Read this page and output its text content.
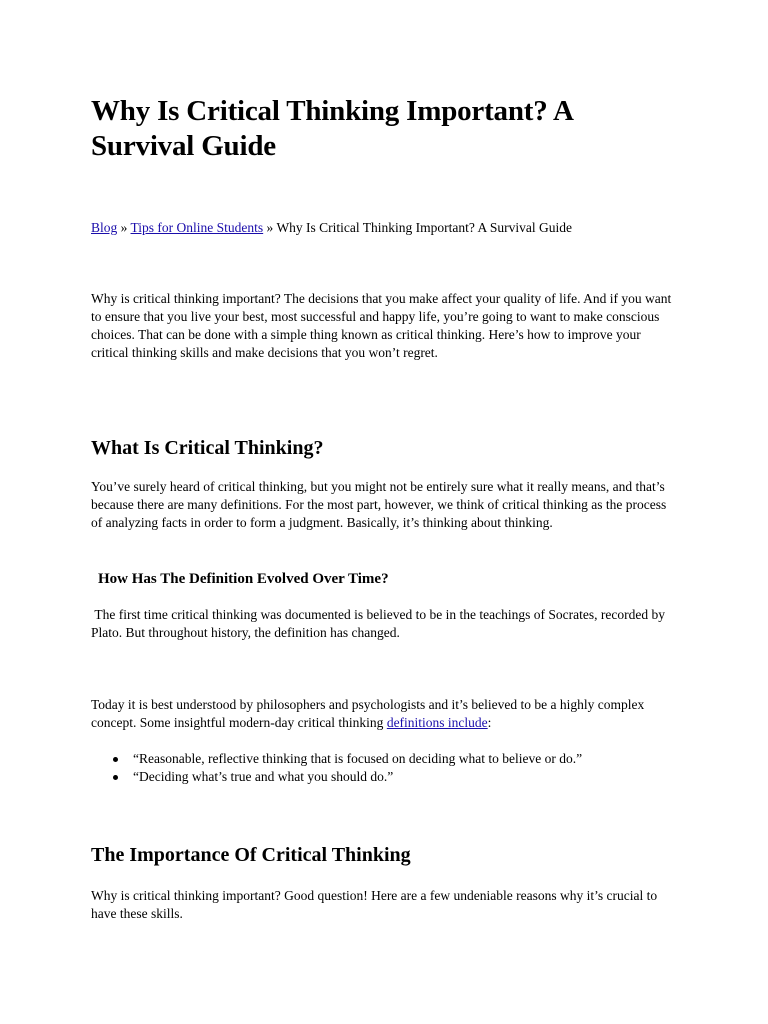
Why Is Critical Thinking Important? A Survival Guide
Blog » Tips for Online Students » Why Is Critical Thinking Important? A Survival Guide

Why is critical thinking important? The decisions that you make affect your quality of life. And if you want to ensure that you live your best, most successful and happy life, you’re going to want to make conscious choices. That can be done with a simple thing known as critical thinking. Here’s how to improve your critical thinking skills and make decisions that you won’t regret.

What Is Critical Thinking?

You’ve surely heard of critical thinking, but you might not be entirely sure what it really means, and that’s because there are many definitions. For the most part, however, we think of critical thinking as the process of analyzing facts in order to form a judgment. Basically, it’s thinking about thinking.

How Has The Definition Evolved Over Time?

The first time critical thinking was documented is believed to be in the teachings of Socrates, recorded by Plato. But throughout history, the definition has changed.

Today it is best understood by philosophers and psychologists and it’s believed to be a highly complex concept. Some insightful modern-day critical thinking definitions include:

“Reasonable, reflective thinking that is focused on deciding what to believe or do.”
“Deciding what’s true and what you should do.”
The Importance Of Critical Thinking

Why is critical thinking important? Good question! Here are a few undeniable reasons why it’s crucial to have these skills.
